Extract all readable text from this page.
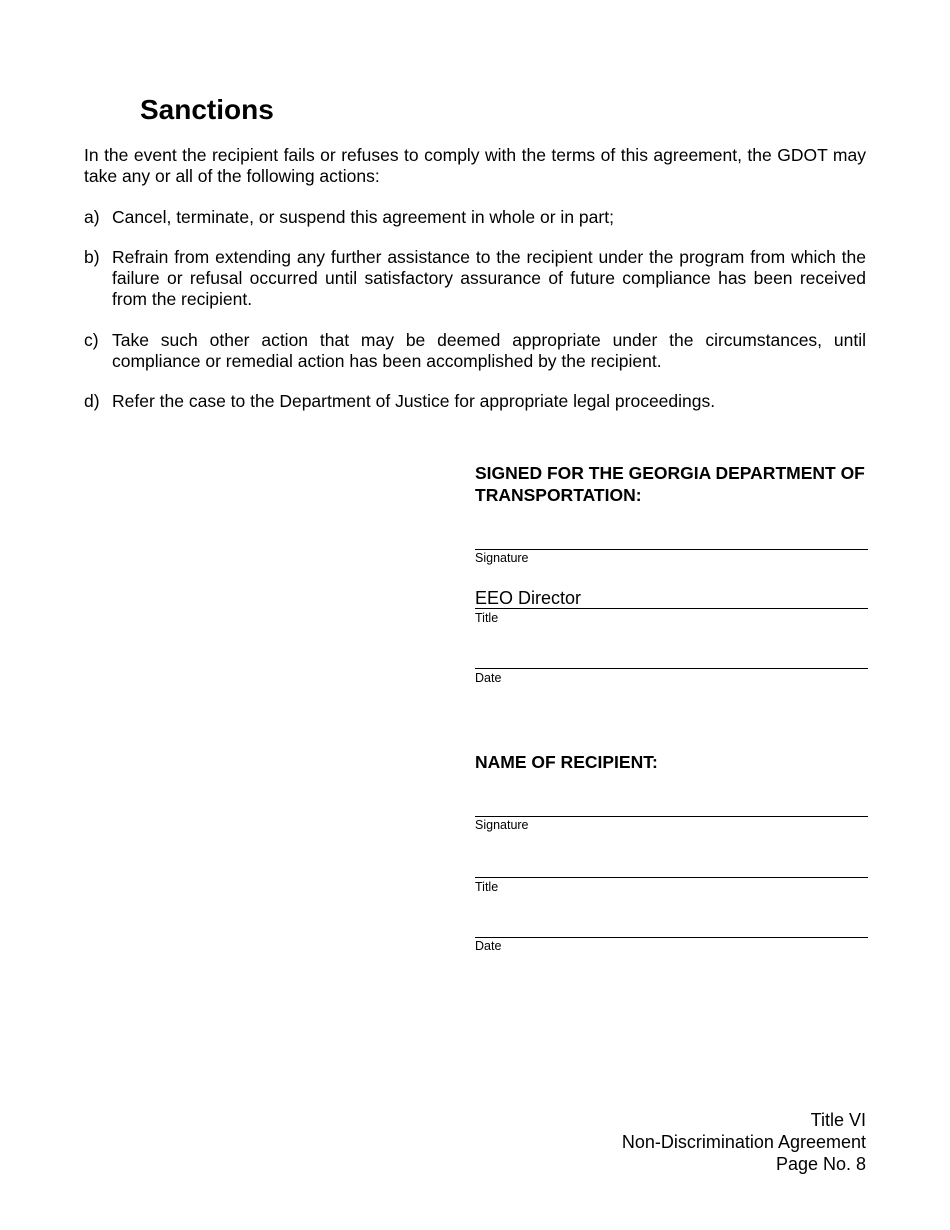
Sanctions

In the event the recipient fails or refuses to comply with the terms of this agreement, the GDOT may take any or all of the following actions:

a) Cancel, terminate, or suspend this agreement in whole or in part;
b) Refrain from extending any further assistance to the recipient under the program from which the failure or refusal occurred until satisfactory assurance of future compliance has been received from the recipient.
c) Take such other action that may be deemed appropriate under the circumstances, until compliance or remedial action has been accomplished by the recipient.
d) Refer the case to the Department of Justice for appropriate legal proceedings.
SIGNED FOR THE GEORGIA DEPARTMENT OF TRANSPORTATION:
Signature
EEO Director
Title
Date
NAME OF RECIPIENT:
Signature
Title
Date
Title VI
Non-Discrimination Agreement
Page No. 8
